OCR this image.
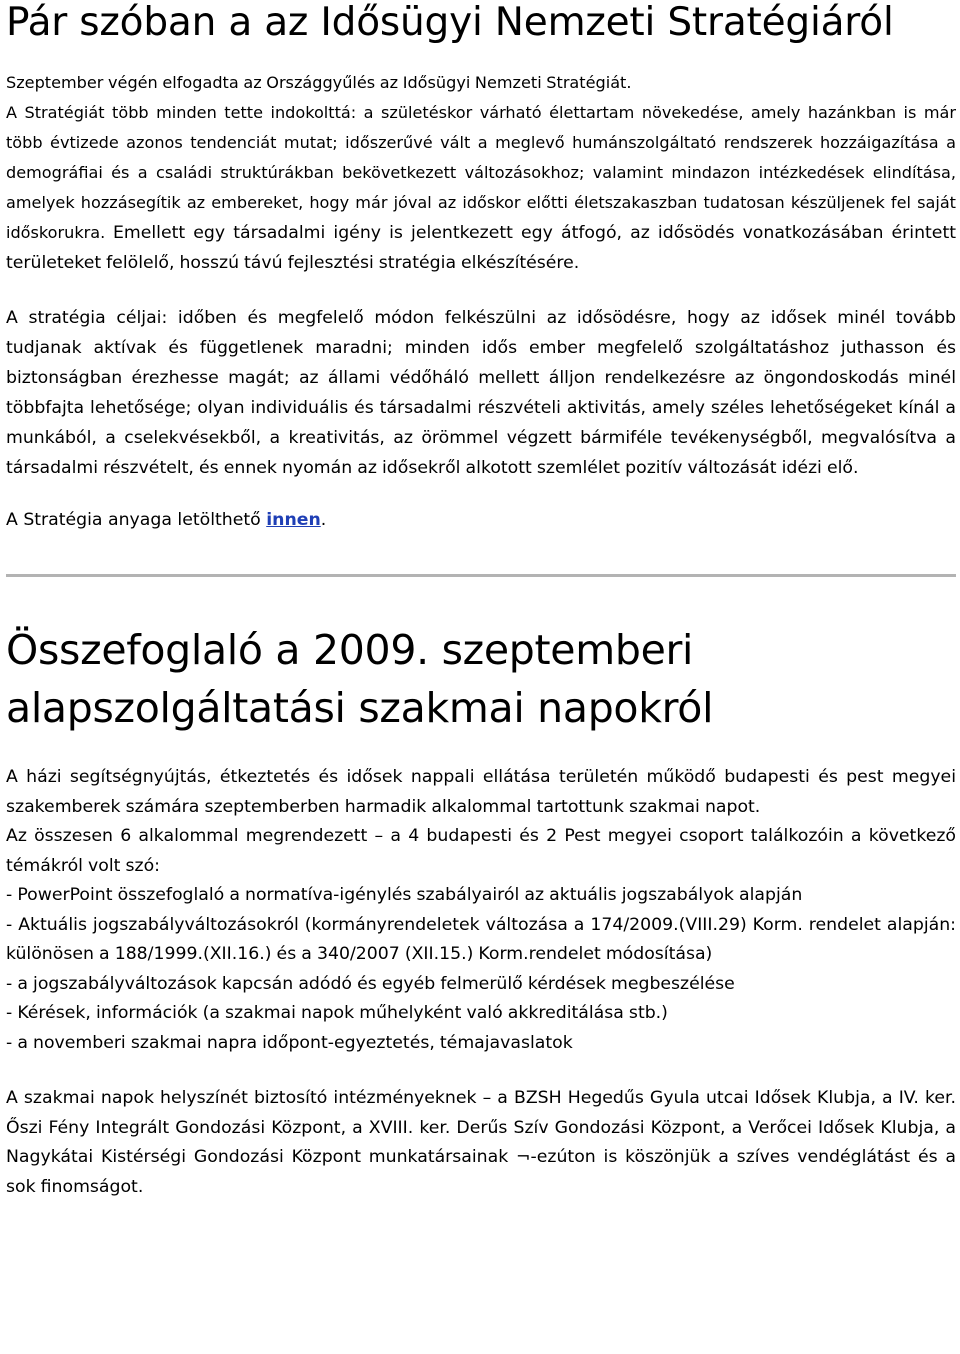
Pár szóban a az Idősügyi Nemzeti Stratégiáról

Szeptember végén elfogadta az Országgyűlés az Idősügyi Nemzeti Stratégiát.

A Stratégiát több minden tette indokolttá: a születéskor várható élettartam növekedése, amely hazánkban is már több évtizede azonos tendenciát mutat; időszerűvé vált a meglevő humánszolgáltató rendszerek hozzáigazítása a demográfiai és a családi struktúrákban bekövetkezett változásokhoz; valamint mindazon intézkedések elindítása, amelyek hozzásegítik az embereket, hogy már jóval az időskor előtti életszakaszban tudatosan készüljenek fel saját időskorukra. Emellett egy társadalmi igény is jelentkezett egy átfogó, az idősödés vonatkozásában érintett területeket felölelő, hosszú távú fejlesztési stratégia elkészítésére.

A stratégia céljai: időben és megfelelő módon felkészülni az idősödésre, hogy az idősek minél tovább tudjanak aktívak és függetlenek maradni; minden idős ember megfelelő szolgáltatáshoz juthasson és biztonságban érezhesse magát; az állami védőháló mellett álljon rendelkezésre az öngondoskodás minél többfajta lehetősége; olyan individuális és társadalmi részvételi aktivitás, amely széles lehetőségeket kínál a munkából, a cselekvésekből, a kreativitás, az örömmel végzett bármiféle tevékenységből, megvalósítva a társadalmi részvételt, és ennek nyomán az idősekről alkotott szemlélet pozitív változását idézi elő.

A Stratégia anyaga letölthető innen.

Összefoglaló a 2009. szeptemberi alapszolgáltatási szakmai napokról

A házi segítségnyújtás, étkeztetés és idősek nappali ellátása területén működő budapesti és pest megyei szakemberek számára szeptemberben harmadik alkalommal tartottunk szakmai napot.

Az összesen 6 alkalommal megrendezett – a 4 budapesti és 2 Pest megyei csoport találkozóin a következő témákról volt szó:

- PowerPoint összefoglaló a normatíva-igénylés szabályairól az aktuális jogszabályok alapján

- Aktuális jogszabályváltozásokról (kormányrendeletek változása a 174/2009.(VIII.29) Korm. rendelet alapján: különösen a 188/1999.(XII.16.) és a 340/2007 (XII.15.) Korm.rendelet módosítása)

- a jogszabályváltozások kapcsán adódó és egyéb felmerülő kérdések megbeszélése

- Kérések, információk (a szakmai napok műhelyként való akkreditálása stb.)

- a novemberi szakmai napra időpont-egyeztetés, témajavaslatok

A szakmai napok helyszínét biztosító intézményeknek – a BZSH Hegedűs Gyula utcai Idősek Klubja, a IV. ker. Őszi Fény Integrált Gondozási Központ, a XVIII. ker. Derűs Szív Gondozási Központ, a Verőcei Idősek Klubja, a Nagykátai Kistérségi Gondozási Központ munkatársainak ¬-ezúton is köszönjük a szíves vendéglátást és a sok finomságot.
